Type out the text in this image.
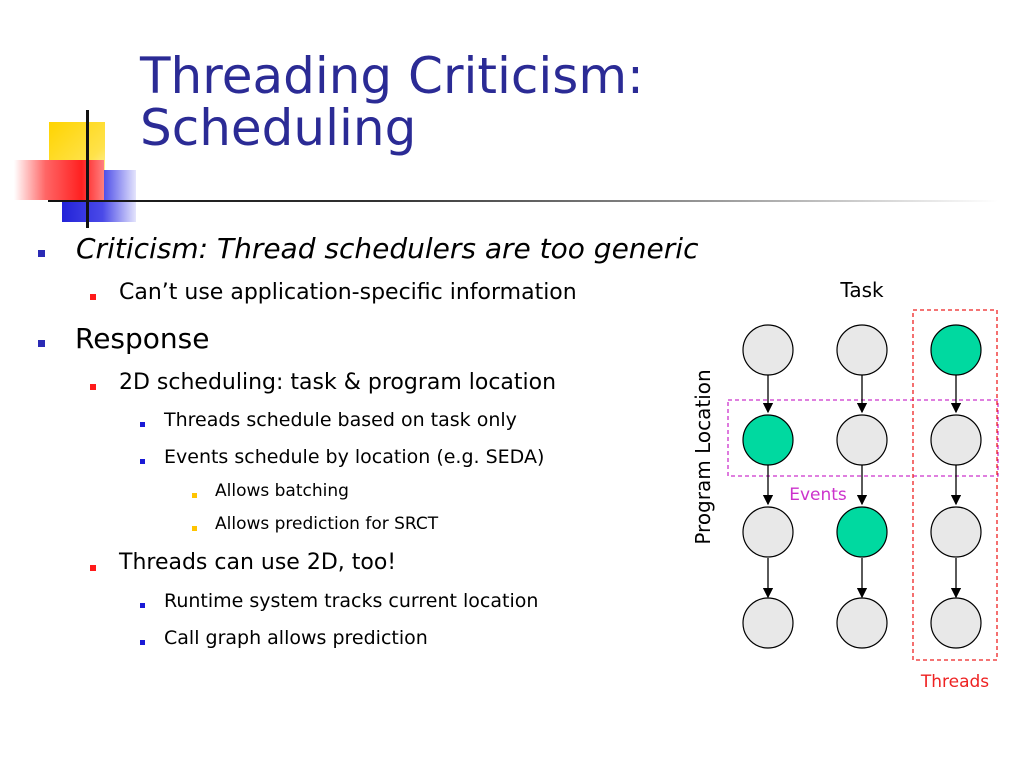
Threading Criticism:
Scheduling
Criticism: Thread schedulers are too generic
Can’t use application-specific information
Response
2D scheduling: task & program location
Threads schedule based on task only
Events schedule by location (e.g. SEDA)
Allows batching
Allows prediction for SRCT
Threads can use 2D, too!
Runtime system tracks current location
Call graph allows prediction
Task
Program Location	Events
Threads
